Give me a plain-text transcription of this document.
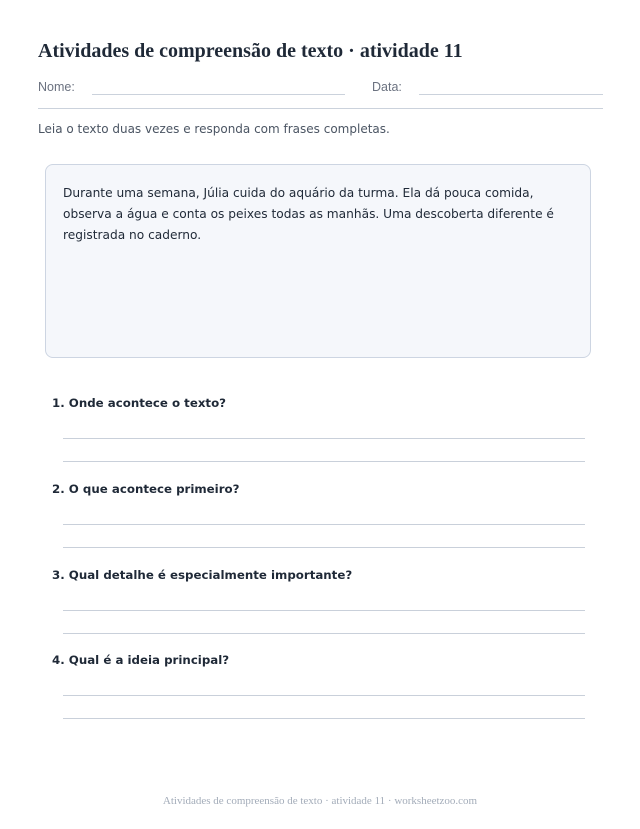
Atividades de compreensão de texto · atividade 11
Nome:	Data:
Leia o texto duas vezes e responda com frases completas.
Durante uma semana, Júlia cuida do aquário da turma. Ela dá pouca comida,
observa a água e conta os peixes todas as manhãs. Uma descoberta diferente é
registrada no caderno.
1. Onde acontece o texto?
2. O que acontece primeiro?
3. Qual detalhe é especialmente importante?
4. Qual é a ideia principal?
Atividades de compreensão de texto · atividade 11 · worksheetzoo.com
